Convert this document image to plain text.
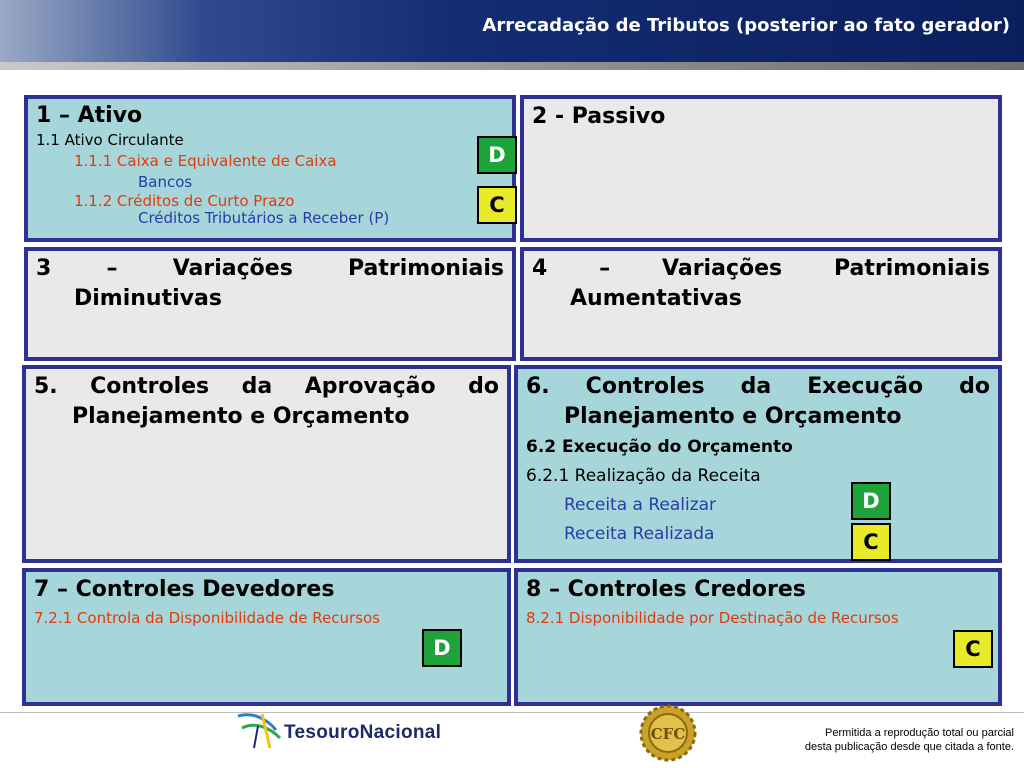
Arrecadação de Tributos (posterior ao fato gerador)
1 – Ativo
1.1 Ativo Circulante
1.1.1 Caixa e Equivalente de Caixa
Bancos
1.1.2 Créditos de Curto Prazo
Créditos Tributários a Receber (P)
2 - Passivo
3 – Variações Patrimoniais Diminutivas
4 – Variações Patrimoniais Aumentativas
5. Controles da Aprovação do Planejamento e Orçamento
6. Controles da Execução do Planejamento e Orçamento
6.2 Execução do Orçamento
6.2.1 Realização da Receita
Receita a Realizar
Receita Realizada
7 – Controles Devedores
7.2.1 Controla da Disponibilidade de Recursos
8 – Controles Credores
8.2.1 Disponibilidade por Destinação de Recursos
D
C
D
C
D	C
TesouroNacional	CFC	Permitida a reprodução total ou parcial
desta publicação desde que citada a fonte.
